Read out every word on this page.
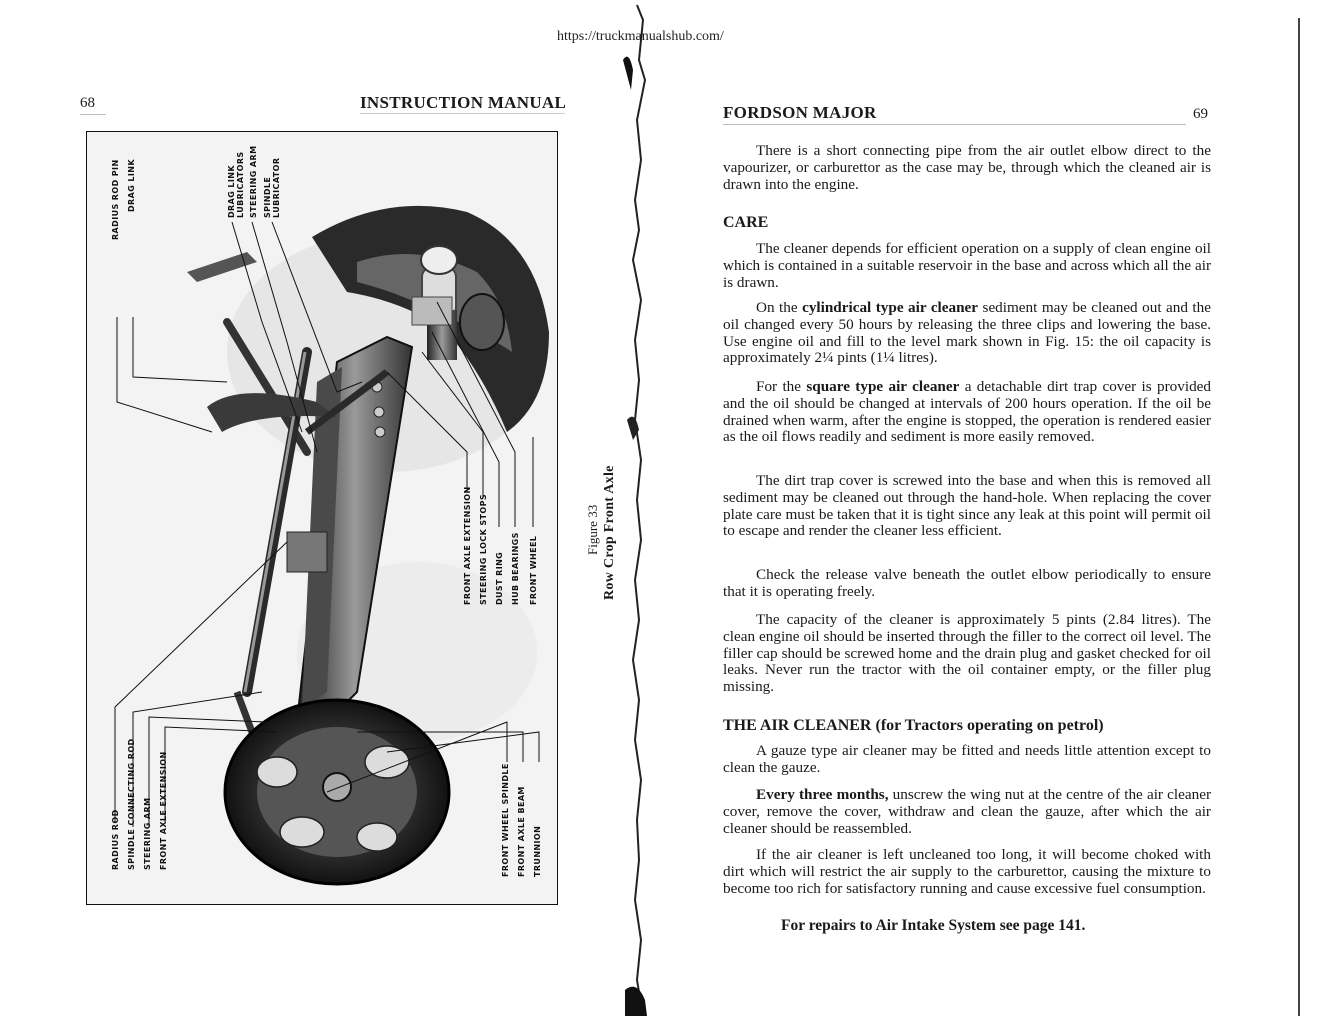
https://truckmanualshub.com/
68	INSTRUCTION MANUAL
RADIUS ROD PIN DRAG LINK	DRAG LINK LUBRICATORS STEERING ARM SPINDLE LUBRICATOR
FRONT AXLE EXTENSION STEERING LOCK STOPS DUST RING HUB BEARINGS FRONT WHEEL
RADIUS ROD SPINDLE CONNECTING ROD STEERING ARM FRONT AXLE EXTENSION	FRONT WHEEL SPINDLE FRONT AXLE BEAM TRUNNION
Figure 33 Row Crop Front Axle
FORDSON MAJOR	69

There is a short connecting pipe from the air outlet elbow direct to the vapourizer, or carburettor as the case may be, through which the cleaned air is drawn into the engine.

CARE

The cleaner depends for efficient operation on a supply of clean engine oil which is contained in a suitable reservoir in the base and across which all the air is drawn.

On the cylindrical type air cleaner sediment may be cleaned out and the oil changed every 50 hours by releasing the three clips and lowering the base. Use engine oil and fill to the level mark shown in Fig. 15: the oil capacity is approximately 2¼ pints (1¼ litres).

For the square type air cleaner a detachable dirt trap cover is provided and the oil should be changed at intervals of 200 hours operation. If the oil be drained when warm, after the engine is stopped, the operation is rendered easier as the oil flows readily and sediment is more easily removed.

The dirt trap cover is screwed into the base and when this is removed all sediment may be cleaned out through the hand-hole. When replacing the cover plate care must be taken that it is tight since any leak at this point will permit oil to escape and render the cleaner less efficient.

Check the release valve beneath the outlet elbow periodically to ensure that it is operating freely.

The capacity of the cleaner is approximately 5 pints (2.84 litres). The clean engine oil should be inserted through the filler to the correct oil level. The filler cap should be screwed home and the drain plug and gasket checked for oil leaks. Never run the tractor with the oil container empty, or the filler plug missing.

THE AIR CLEANER (for Tractors operating on petrol)

A gauze type air cleaner may be fitted and needs little attention except to clean the gauze.

Every three months, unscrew the wing nut at the centre of the air cleaner cover, remove the cover, withdraw and clean the gauze, after which the air cleaner should be reassembled.

If the air cleaner is left uncleaned too long, it will become choked with dirt which will restrict the air supply to the carburettor, causing the mixture to become too rich for satisfactory running and cause excessive fuel consumption.

For repairs to Air Intake System see page 141.
